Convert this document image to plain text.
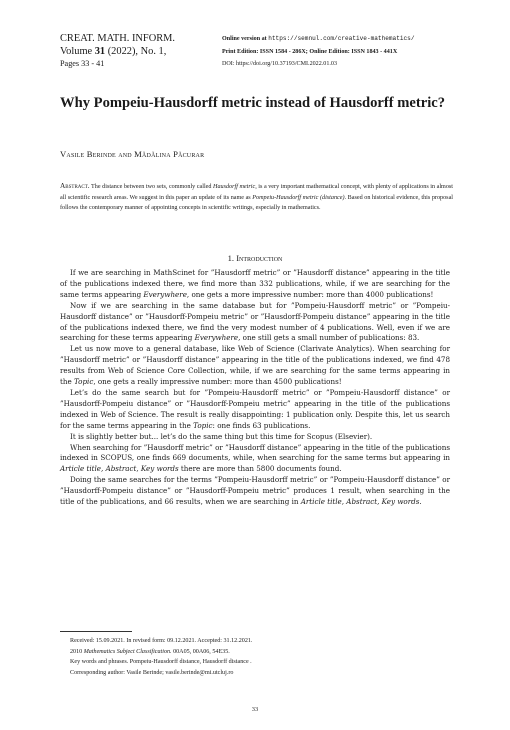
CREAT. MATH. INFORM.
Volume 31 (2022), No. 1,
Pages 33 - 41
Online version at https://semnul.com/creative-mathematics/
Print Edition: ISSN 1584 - 286X; Online Edition: ISSN 1843 - 441X
DOI: https://doi.org/10.37193/CMI.2022.01.03
Why Pompeiu-Hausdorff metric instead of Hausdorff metric?
Vasile Berinde and Mădălina Păcurar
Abstract. The distance between two sets, commonly called Hausdorff metric, is a very important mathematical concept, with plenty of applications in almost all scientific research areas. We suggest in this paper an update of its name as Pompeiu-Hausdorff metric (distance). Based on historical evidence, this proposal follows the contemporary manner of appointing concepts in scientific writings, especially in mathematics.
1. Introduction

If we are searching in MathScinet for ”Hausdorff metric” or ”Hausdorff distance” appearing in the title of the publications indexed there, we find more than 332 publications, while, if we are searching for the same terms appearing Everywhere, one gets a more impressive number: more than 4000 publications!

Now if we are searching in the same database but for ”Pompeiu-Hausdorff metric” or ”Pompeiu-Hausdorff distance” or ”Hausdorff-Pompeiu metric” or ”Hausdorff-Pompeiu distance” appearing in the title of the publications indexed there, we find the very modest number of 4 publications. Well, even if we are searching for these terms appearing Everywhere, one still gets a small number of publications: 83.

Let us now move to a general database, like Web of Science (Clarivate Analytics). When searching for ”Hausdorff metric” or ”Hausdorff distance” appearing in the title of the publications indexed, we find 478 results from Web of Science Core Collection, while, if we are searching for the same terms appearing in the Topic, one gets a really impressive number: more than 4500 publications!

Let’s do the same search but for ”Pompeiu-Hausdorff metric” or ”Pompeiu-Hausdorff distance” or ”Hausdorff-Pompeiu distance” or ”Hausdorff-Pompeiu metric” appearing in the title of the publications indexed in Web of Science. The result is really disappointing: 1 publication only. Despite this, let us search for the same terms appearing in the Topic: one finds 63 publications.

It is slightly better but... let’s do the same thing but this time for Scopus (Elsevier).

When searching for ”Hausdorff metric” or ”Hausdorff distance” appearing in the title of the publications indexed in SCOPUS, one finds 669 documents, while, when searching for the same terms but appearing in Article title, Abstract, Key words there are more than 5800 documents found.

Doing the same searches for the terms ”Pompeiu-Hausdorff metric” or ”Pompeiu-Hausdorff distance” or ”Hausdorff-Pompeiu distance” or ”Hausdorff-Pompeiu metric” produces 1 result, when searching in the title of the publications, and 66 results, when we are searching in Article title, Abstract, Key words.

Received: 15.09.2021. In revised form: 09.12.2021. Accepted: 31.12.2021.
2010 Mathematics Subject Classification. 00A05, 00A06, 54E35.
Key words and phrases. Pompeiu-Hausdorff distance, Hausdorff distance .
Corresponding author: Vasile Berinde; vasile.berinde@mi.utcluj.ro
33
